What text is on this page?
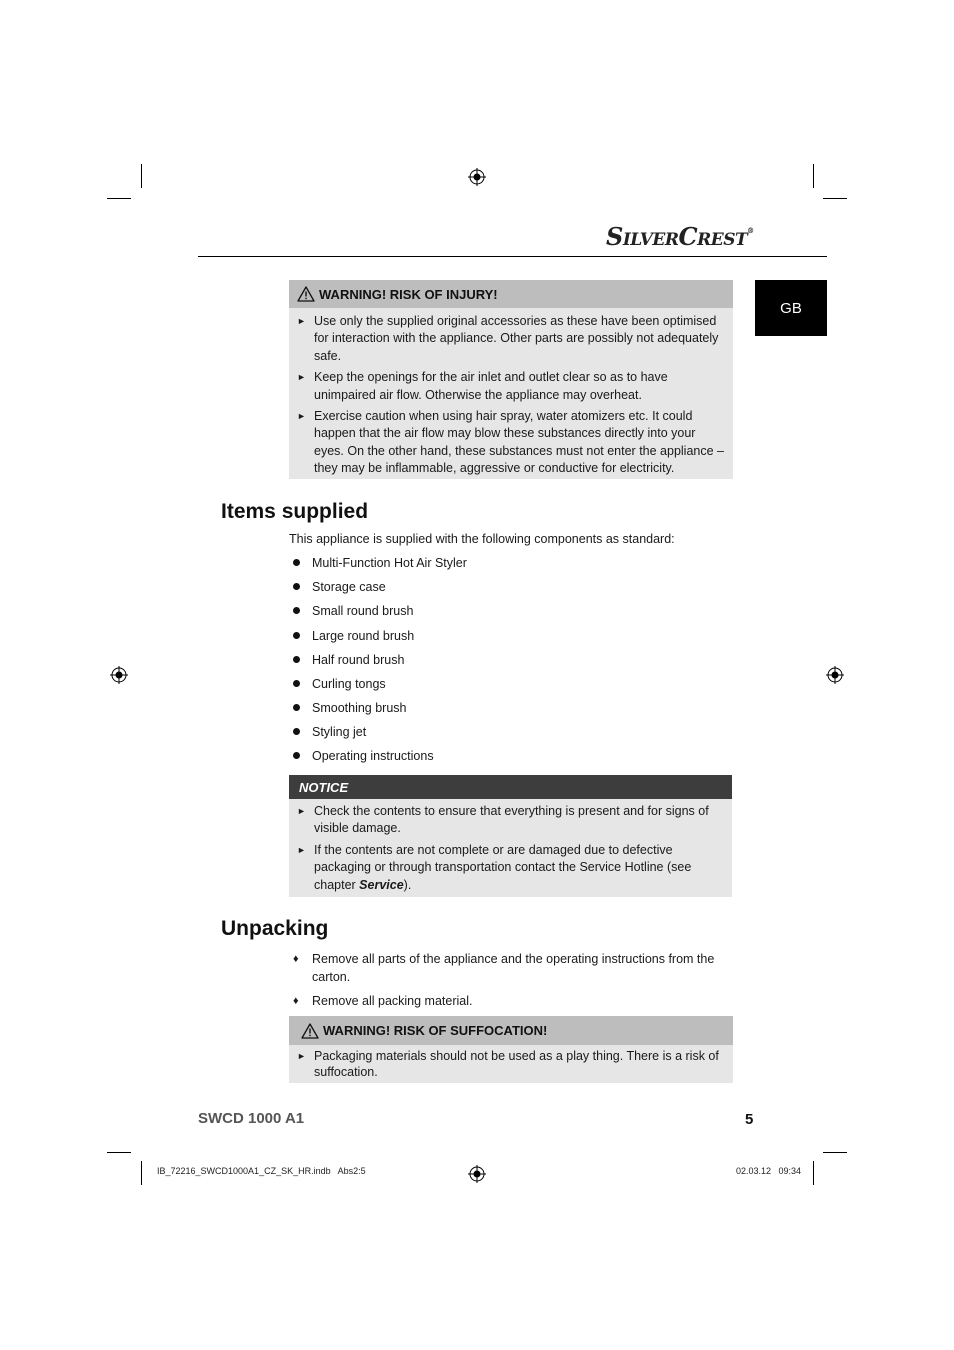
SILVERCREST®
GB
WARNING! RISK OF INJURY!
► Use only the supplied original accessories as these have been optimised for interaction with the appliance. Other parts are possibly not adequately safe.
► Keep the openings for the air inlet and outlet clear so as to have unimpaired air flow. Otherwise the appliance may overheat.
► Exercise caution when using hair spray, water atomizers etc. It could happen that the air flow may blow these substances directly into your eyes. On the other hand, these substances must not enter the appliance – they may be inflammable, aggressive or conductive for electricity.
Items supplied
This appliance is supplied with the following components as standard:
Multi-Function Hot Air Styler
Storage case
Small round brush
Large round brush
Half round brush
Curling tongs
Smoothing brush
Styling jet
Operating instructions
NOTICE
► Check the contents to ensure that everything is present and for signs of visible damage.
► If the contents are not complete or are damaged due to defective packaging or through transportation contact the Service Hotline (see chapter Service).
Unpacking
♦	Remove all parts of the appliance and the operating instructions from the carton.
♦	Remove all packing material.
WARNING! RISK OF SUFFOCATION!
► Packaging materials should not be used as a play thing. There is a risk of suffocation.
SWCD 1000 A1	5
IB_72216_SWCD1000A1_CZ_SK_HR.indb   Abs2:5	02.03.12   09:34
